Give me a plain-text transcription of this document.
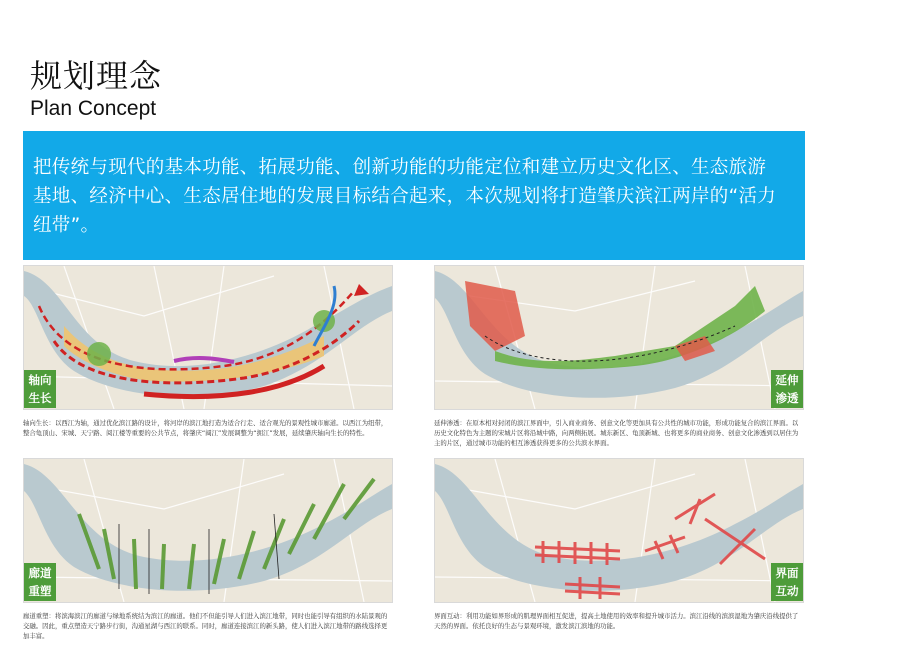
规划理念
Plan Concept
把传统与现代的基本功能、拓展功能、创新功能的功能定位和建立历史文化区、生态旅游基地、经济中心、生态居住地的发展目标结合起来，本次规划将打造肇庆滨江两岸的“活力纽带”。
轴向
生长
轴向生长：以西江为轴，通过优化滨江路的设计，将河岸的滨江地打造为适合行走、适合观光的景观性城市廊道。以西江为纽带，整合龟顶山、宋城、天宁路、阅江楼等重要的公共节点，将肇庆“阔江”发展调整为“拥江”发展，延续肇庆轴向生长的特性。
延伸
渗透
延伸渗透：在原本相对封闭的滨江界面中，引入商业商务、创意文化等更加具有公共性的城市功能，形成功能复合的滨江界面。以历史文化特色为主题的宋城片区将沿城中路，向两侧拓展。城东新区、龟顶新城、也将更多的商业商务、创意文化渗透到以居住为主的片区，通过城市功能的相互渗透获得更多的公共滨水界面。
廊道
重塑
廊道重塑：将滨海滨江的廊道与绿地系统结为滨江的廊道。他们不但能引导人们进入滨江地带，同时也能引导有组织的水陆景观的交融。因此，重点塑造天宁路步行街，沟通星湖与西江的联系。同时，廊道连接滨江的新头路，使人们进入滨江地带的路线选择更加丰富。
界面
互动
界面互动：利用功能如界形成的肌理界面相互促进，提高土地使用的效率和提升城市活力。滨江沿线的滨滨湿地为肇庆沿线提供了天然的界面。依托良好的生态与景观环境，激发滨江滨地的功能。
